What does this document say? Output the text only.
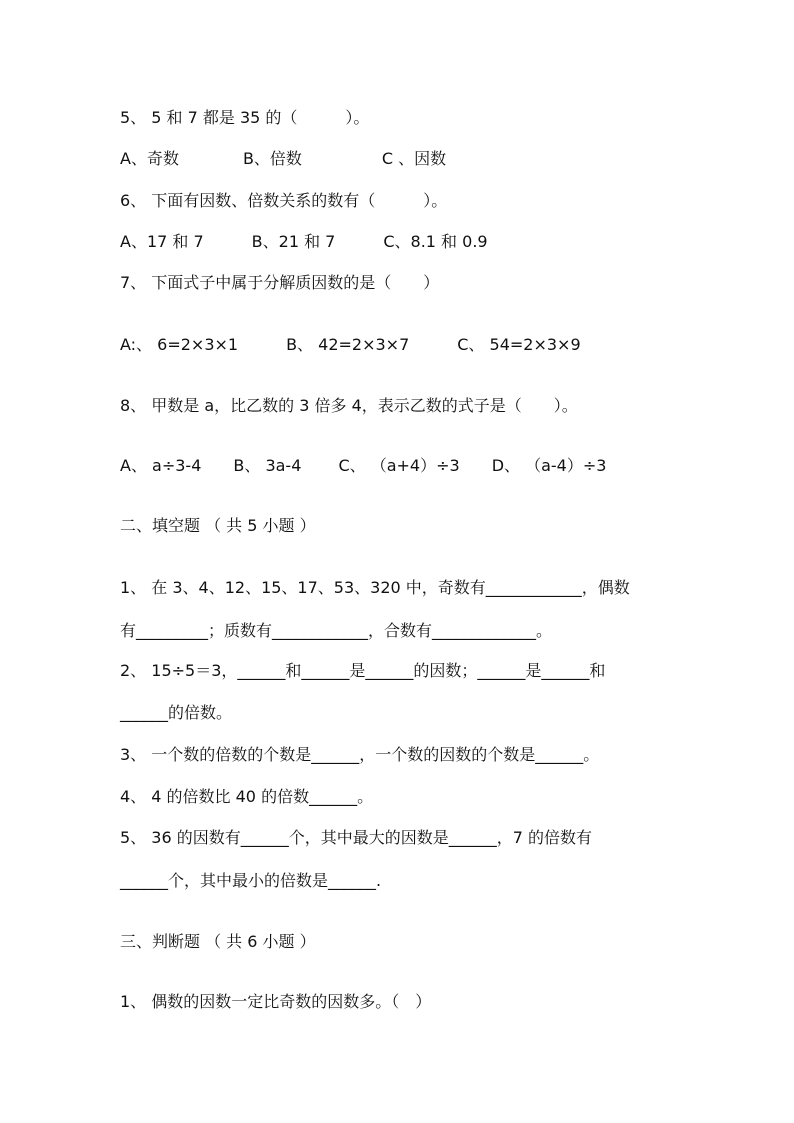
5、 5 和 7 都是 35 的（　　　）。
A、奇数　　　　B、倍数　　　　　C 、因数
6、 下面有因数、倍数关系的数有（　　　）。
A、17 和 7　　　B、21 和 7　　　C、8.1 和 0.9
7、 下面式子中属于分解质因数的是（　　）
A:、 6=2×3×1　　　B、 42=2×3×7　　　C、 54=2×3×9
8、 甲数是 a，比乙数的 3 倍多 4，表示乙数的式子是（　　）。
A、 a÷3-4　　B、 3a-4　　 C、 （a+4）÷3　　D、 （a-4）÷3
二、填空题 （ 共 5 小题 ）
1、 在 3、4、12、15、17、53、320 中，奇数有____________，偶数
有_________；质数有____________，合数有_____________。
2、 15÷5＝3，______和______是______的因数；______是______和
______的倍数。
3、 一个数的倍数的个数是______，一个数的因数的个数是______。
4、 4 的倍数比 40 的倍数______。
5、 36 的因数有______个，其中最大的因数是______，7 的倍数有
______个，其中最小的倍数是______.
三、判断题 （ 共 6 小题 ）
1、 偶数的因数一定比奇数的因数多。（　）
